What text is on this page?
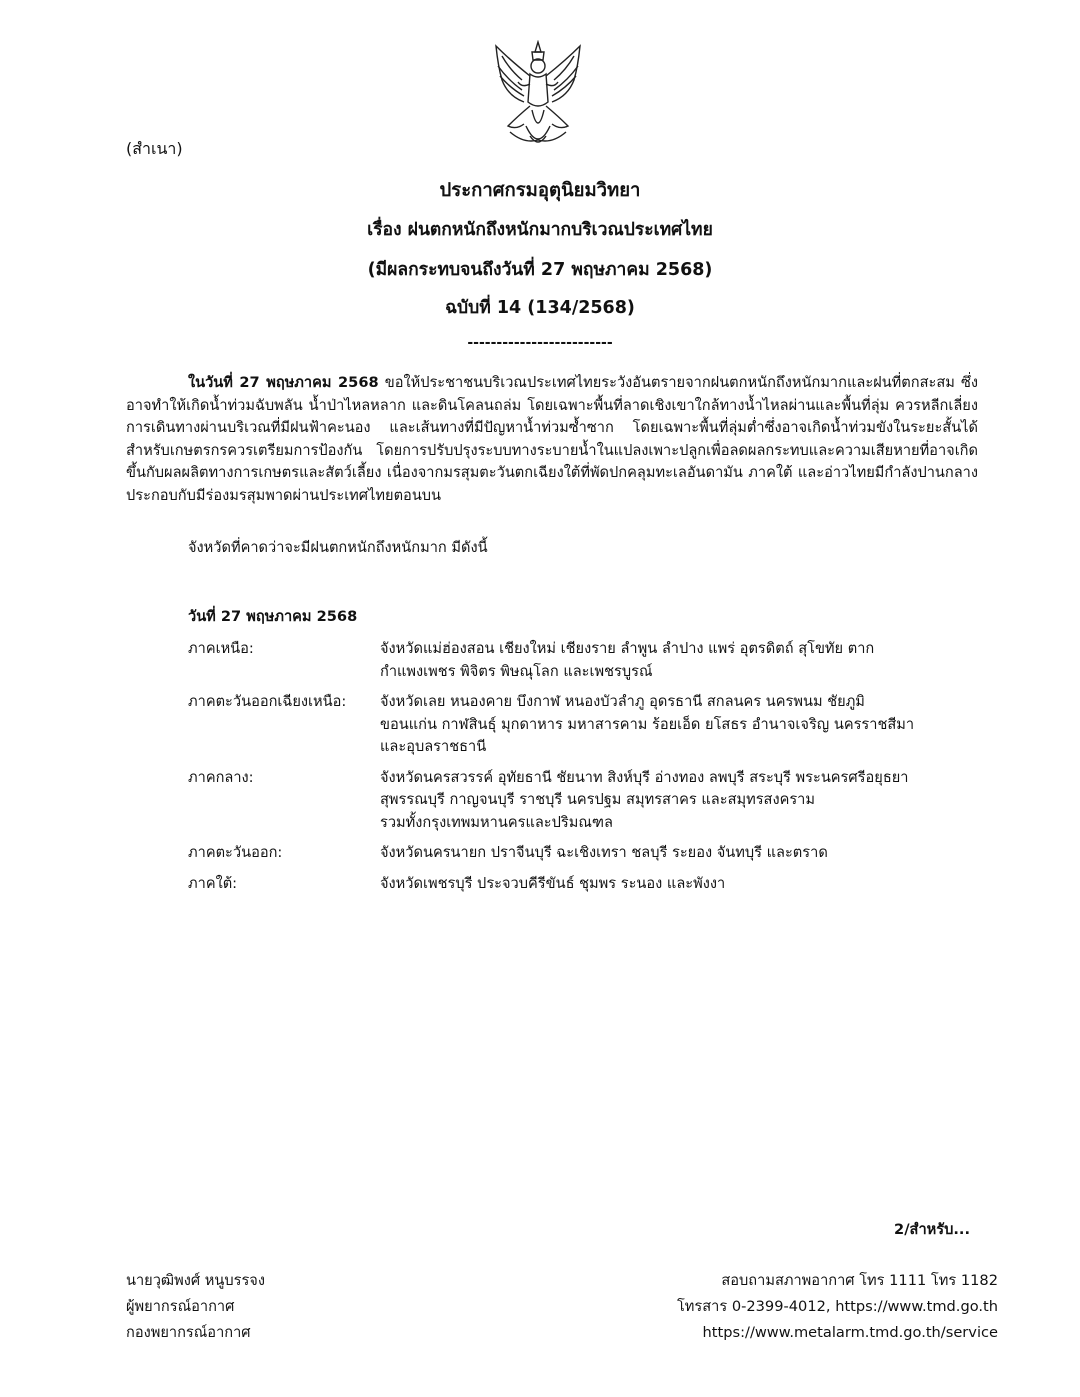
(สำเนา)
ประกาศกรมอุตุนิยมวิทยา
เรื่อง ฝนตกหนักถึงหนักมากบริเวณประเทศไทย
(มีผลกระทบจนถึงวันที่ 27 พฤษภาคม 2568)
ฉบับที่ 14 (134/2568)
-------------------------
ในวันที่ 27 พฤษภาคม 2568 ขอให้ประชาชนบริเวณประเทศไทยระวังอันตรายจากฝนตกหนักถึงหนักมากและฝนที่ตกสะสม ซึ่งอาจทำให้เกิดน้ำท่วมฉับพลัน น้ำป่าไหลหลาก และดินโคลนถล่ม โดยเฉพาะพื้นที่ลาดเชิงเขาใกล้ทางน้ำไหลผ่านและพื้นที่ลุ่ม ควรหลีกเลี่ยงการเดินทางผ่านบริเวณที่มีฝนฟ้าคะนอง และเส้นทางที่มีปัญหาน้ำท่วมซ้ำซาก โดยเฉพาะพื้นที่ลุ่มต่ำซึ่งอาจเกิดน้ำท่วมขังในระยะสั้นได้ สำหรับเกษตรกรควรเตรียมการป้องกัน โดยการปรับปรุงระบบทางระบายน้ำในแปลงเพาะปลูกเพื่อลดผลกระทบและความเสียหายที่อาจเกิดขึ้นกับผลผลิตทางการเกษตรและสัตว์เลี้ยง เนื่องจากมรสุมตะวันตกเฉียงใต้ที่พัดปกคลุมทะเลอันดามัน ภาคใต้ และอ่าวไทยมีกำลังปานกลาง ประกอบกับมีร่องมรสุมพาดผ่านประเทศไทยตอนบน
จังหวัดที่คาดว่าจะมีฝนตกหนักถึงหนักมาก มีดังนี้
วันที่ 27 พฤษภาคม 2568
ภาคเหนือ:	จังหวัดแม่ฮ่องสอน เชียงใหม่ เชียงราย ลำพูน ลำปาง แพร่ อุตรดิตถ์ สุโขทัย ตาก
กำแพงเพชร พิจิตร พิษณุโลก และเพชรบูรณ์
ภาคตะวันออกเฉียงเหนือ:	จังหวัดเลย หนองคาย บึงกาฬ หนองบัวลำภู อุดรธานี สกลนคร นครพนม ชัยภูมิ
ขอนแก่น กาฬสินธุ์ มุกดาหาร มหาสารคาม ร้อยเอ็ด ยโสธร อำนาจเจริญ นครราชสีมา
และอุบลราชธานี
ภาคกลาง:	จังหวัดนครสวรรค์ อุทัยธานี ชัยนาท สิงห์บุรี อ่างทอง ลพบุรี สระบุรี พระนครศรีอยุธยา
สุพรรณบุรี กาญจนบุรี ราชบุรี นครปฐม สมุทรสาคร และสมุทรสงคราม
รวมทั้งกรุงเทพมหานครและปริมณฑล
ภาคตะวันออก:	จังหวัดนครนายก ปราจีนบุรี ฉะเชิงเทรา ชลบุรี ระยอง จันทบุรี และตราด
ภาคใต้:	จังหวัดเพชรบุรี ประจวบคีรีขันธ์ ชุมพร ระนอง และพังงา
2/สำหรับ...
นายวุฒิพงศ์ หนูบรรจง
ผู้พยากรณ์อากาศ
กองพยากรณ์อากาศ
สอบถามสภาพอากาศ โทร 1111 โทร 1182
โทรสาร 0-2399-4012, https://www.tmd.go.th
https://www.metalarm.tmd.go.th/service
